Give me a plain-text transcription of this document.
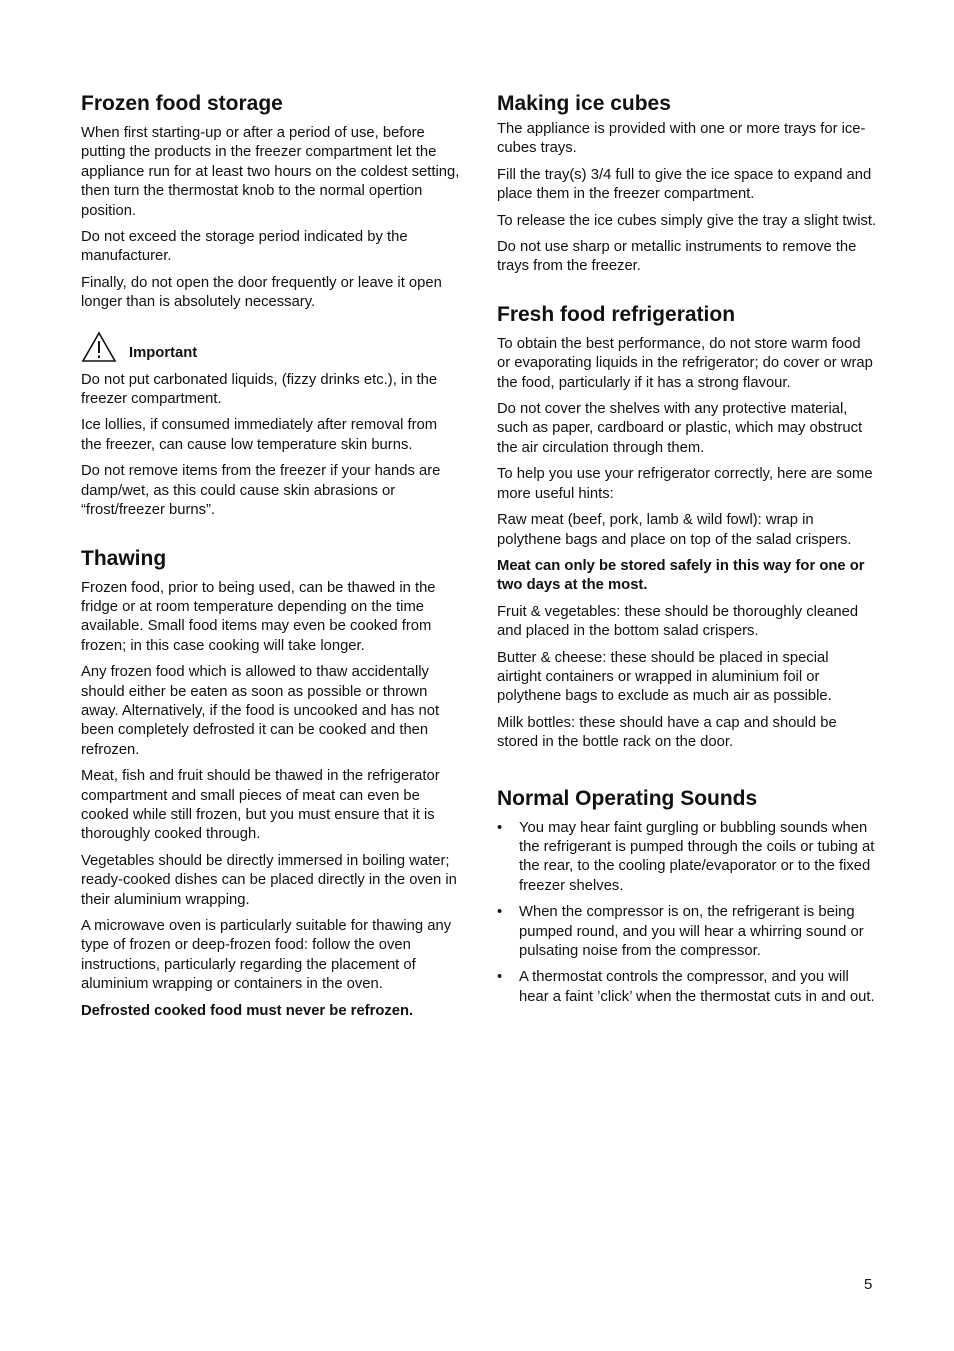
Frozen food storage

When first starting-up or after a period of use, before putting the products in the freezer compartment let the appliance run for at least two hours on the coldest setting, then turn the thermostat knob to the normal opertion position.

Do not exceed the storage period indicated by the manufacturer.

Finally, do not open the door frequently or leave it open longer than is absolutely necessary.

Important

Do not put carbonated liquids, (fizzy drinks etc.), in the freezer compartment.

Ice lollies, if consumed immediately after removal from the freezer, can cause low temperature skin burns.

Do not remove items from the freezer if your hands are damp/wet, as this could cause skin abrasions or “frost/freezer burns”.

Thawing

Frozen food, prior to being used, can be thawed in the fridge or at room temperature depending on the time available. Small food items may even be cooked from frozen; in this case cooking will take longer.

Any frozen food which is allowed to thaw accidentally should either be eaten as soon as possible or thrown away. Alternatively, if the food is uncooked and has not been completely defrosted it can be cooked and then refrozen.

Meat, fish and fruit should be thawed in the refrigerator compartment and small pieces of meat can even be cooked while still frozen, but you must ensure that it is thoroughly cooked through.

Vegetables should be directly immersed in boiling water; ready-cooked dishes can be placed directly in the oven in their aluminium wrapping.

A microwave oven is particularly suitable for thawing any type of frozen or deep-frozen food: follow the oven instructions, particularly regarding the placement of aluminium wrapping or containers in the oven.

Defrosted cooked food must never be refrozen.

Making ice cubes

The appliance is provided with one or more trays for ice-cubes trays.

Fill the tray(s) 3/4 full to give the ice space to expand and place them in the freezer compartment.

To release the ice cubes simply give the tray a slight twist.

Do not use sharp or metallic instruments to remove the trays from the freezer.

Fresh food refrigeration

To obtain the best performance, do not store warm food or evaporating liquids in the refrigerator; do cover or wrap the food, particularly if it has a strong flavour.

Do not cover the shelves with any protective material, such as paper, cardboard or plastic, which may obstruct the air circulation through them.

To help you use your refrigerator correctly, here are some more useful hints:

Raw meat (beef, pork, lamb & wild fowl): wrap in polythene bags and place on top of the salad crispers.

Meat can only be stored safely in this way for one or two days at the most.

Fruit & vegetables: these should be thoroughly cleaned and placed in the bottom salad crispers.

Butter & cheese: these should be placed in special airtight containers or wrapped in aluminium foil or polythene bags to exclude as much air as possible.

Milk bottles: these should have a cap and should be stored in the bottle rack on the door.

Normal Operating Sounds
• You may hear faint gurgling or bubbling sounds when the refrigerant is pumped through the coils or tubing at the rear, to the cooling plate/evaporator or to the fixed freezer shelves.
• When the compressor is on, the refrigerant is being pumped round, and you will hear a whirring sound or pulsating noise from the compressor.
• A thermostat controls the compressor, and you will hear a faint ’click’ when the thermostat cuts in and out.
5
